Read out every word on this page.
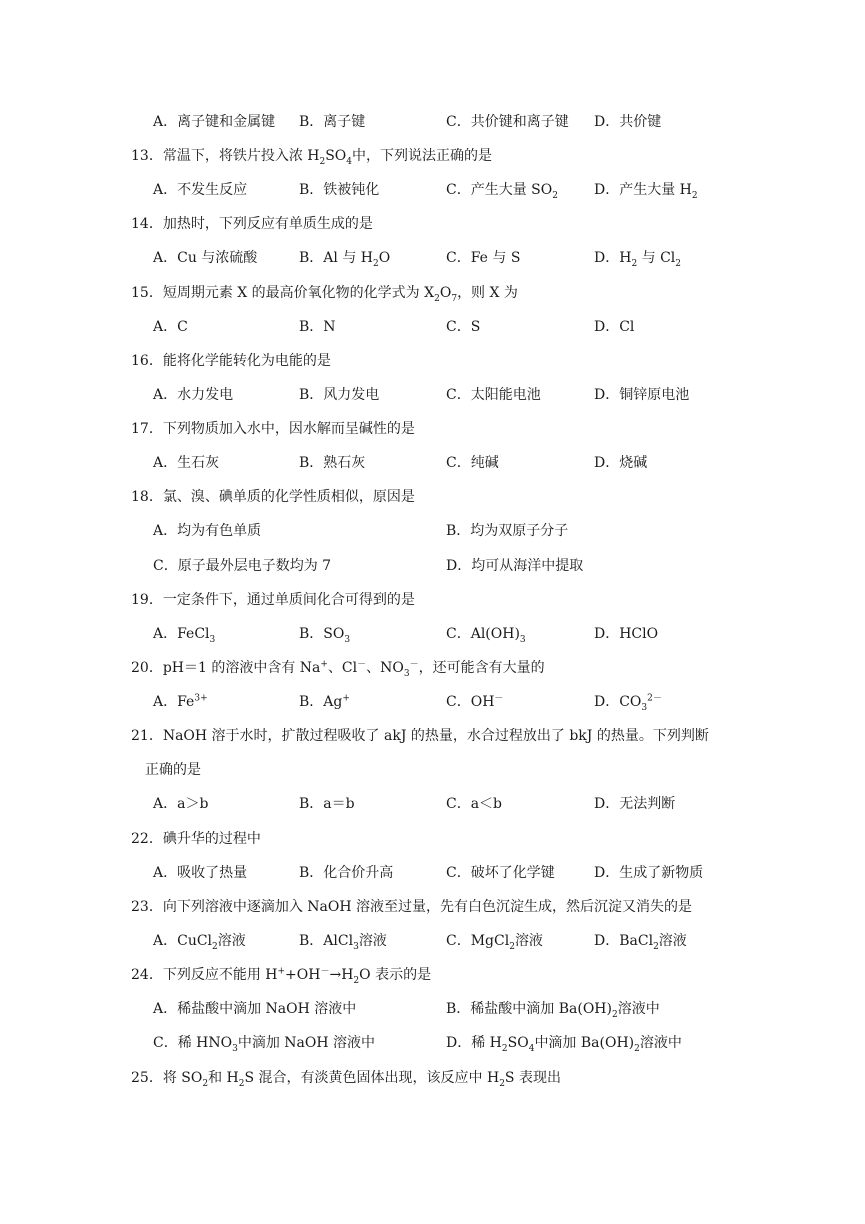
A．离子键和金属键 B．离子键	C．共价键和离子键 D．共价键
13．常温下，将铁片投入浓 $H_2SO_4$中，下列说法正确的是
A．不发生反应	B．铁被钝化	C．产生大量 $SO_2$	D．产生大量 $H_2$
14．加热时，下列反应有单质生成的是
A．Cu 与浓硫酸	B．Al 与 $H_2O$	C．Fe 与 S	D．$H_2$ 与 $Cl_2$
15．短周期元素 X 的最高价氧化物的化学式为 $X_2O_7$，则 X 为
A．C	B．N	C．S	D．Cl
16．能将化学能转化为电能的是
A．水力发电	B．风力发电	C．太阳能电池	D．铜锌原电池
17．下列物质加入水中，因水解而呈碱性的是
A．生石灰	B．熟石灰	C．纯碱	D．烧碱
18．氯、溴、碘单质的化学性质相似，原因是
A．均为有色单质	B．均为双原子分子
C．原子最外层电子数均为 7	D．均可从海洋中提取
19．一定条件下，通过单质间化合可得到的是
A．FeCl$_3$	B．$SO_3$	C．$Al(OH)_3$	D．HClO
20．pH＝1 的溶液中含有 Na+、Cl－、$NO_3^-$，还可能含有大量的
A．$Fe^{3+}$	B．Ag+	C．OH－	D．$CO_3^{2-}$
21．NaOH 溶于水时，扩散过程吸收了 akJ 的热量，水合过程放出了 bkJ 的热量。下列判断
正确的是
A．a＞b	B．a＝b	C．a＜b	D．无法判断
22．碘升华的过程中
A．吸收了热量	B．化合价升高	C．破坏了化学键	D．生成了新物质
23．向下列溶液中逐滴加入 NaOH 溶液至过量，先有白色沉淀生成，然后沉淀又消失的是
A．CuCl$_2$溶液	B．AlCl$_3$溶液	C．MgCl$_2$溶液	D．BaCl$_2$溶液
24．下列反应不能用 $H^++OH^-\to H_2O$ 表示的是
A．稀盐酸中滴加 NaOH 溶液中	B．稀盐酸中滴加 $Ba(OH)_2$溶液中
C．稀 $HNO_3$中滴加 NaOH 溶液中	D．稀 $H_2SO_4$中滴加 $Ba(OH)_2$溶液中
25．将 $SO_2$和 $H_2S$ 混合，有淡黄色固体出现，该反应中 $H_2S$ 表现出
